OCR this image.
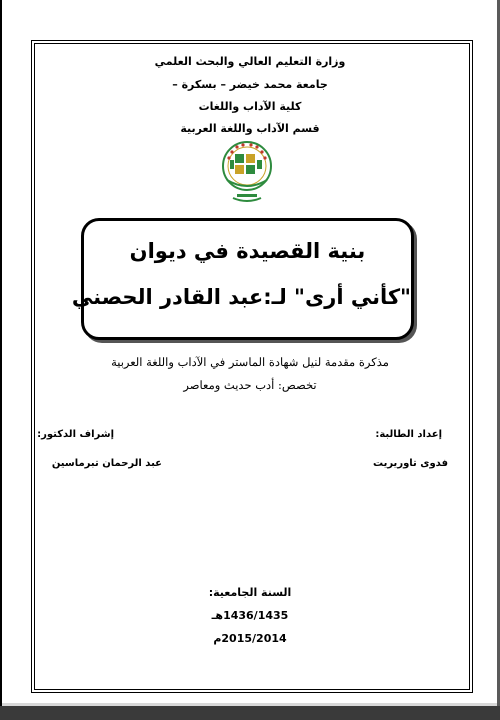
وزارة التعليم العالي والبحث العلمي
جامعة محمد خيضر – بسكرة –
كلية الآداب واللغات
قسم الآداب واللغة العربية
بنية القصيدة في ديوان
"كأني أرى" لـ:عبد القادر الحصني
مذكرة مقدمة لنيل شهادة الماستر في الآداب واللغة العربية
تخصص: أدب حديث ومعاصر
إعداد الطالبة:
فدوى تاوريريت
إشراف الدكتور:
عبد الرحمان تبرماسين
السنة الجامعية:
1436/1435هـ
2015/2014م
